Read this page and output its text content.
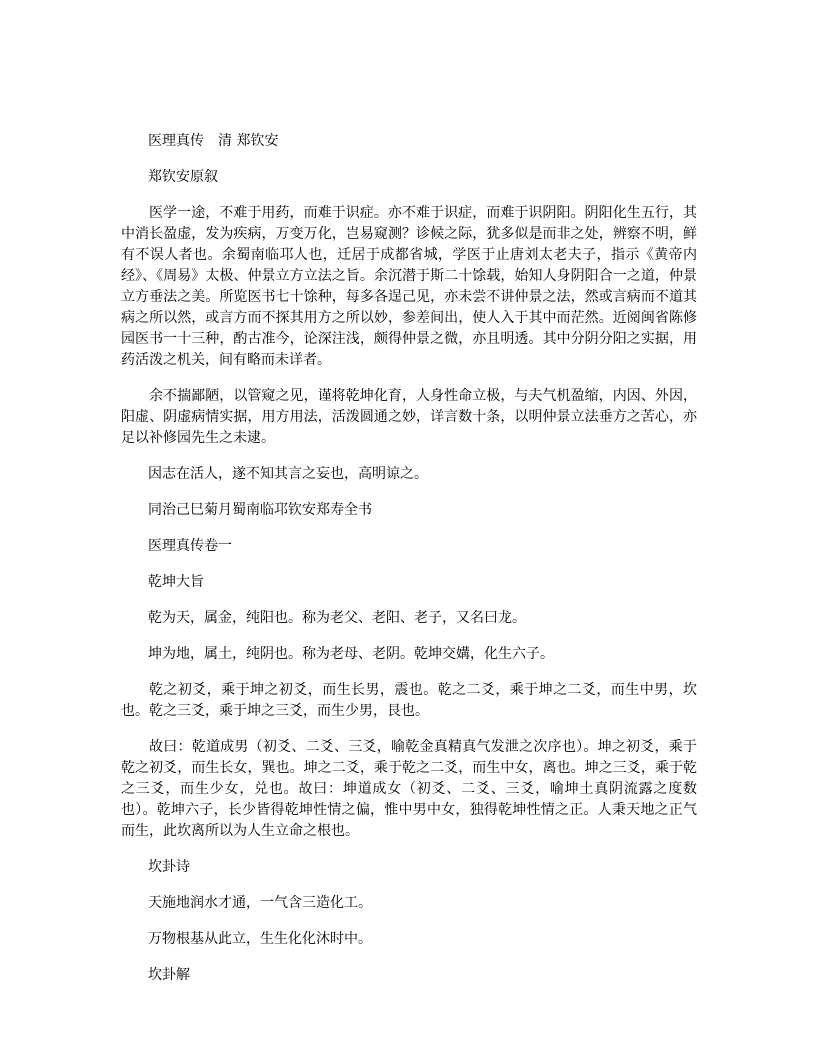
医理真传　清 郑钦安

郑钦安原叙

医学一途，不难于用药，而难于识症。亦不难于识症，而难于识阴阳。阴阳化生五行，其中消长盈虚，发为疾病，万变万化，岂易窥测？诊候之际，犹多似是而非之处，辨察不明，鲜有不误人者也。余蜀南临邛人也，迁居于成都省城，学医于止唐刘太老夫子，指示《黄帝内经》、《周易》太极、仲景立方立法之旨。余沉潜于斯二十馀载，始知人身阴阳合一之道，仲景立方垂法之美。所览医书七十馀种，每多各逞己见，亦未尝不讲仲景之法，然或言病而不道其病之所以然，或言方而不探其用方之所以妙，参差间出，使人入于其中而茫然。近阅闽省陈修园医书一十三种，酌古准今，论深注浅，颇得仲景之微，亦且明透。其中分阴分阳之实据，用药活泼之机关，间有略而未详者。

余不揣鄙陋，以管窥之见，谨将乾坤化育，人身性命立极，与夫气机盈缩，内因、外因，阳虚、阴虚病情实据，用方用法，活泼圆通之妙，详言数十条，以明仲景立法垂方之苦心，亦足以补修园先生之未逮。

因志在活人，遂不知其言之妄也，高明谅之。

同治己巳菊月蜀南临邛钦安郑寿全书

医理真传卷一

乾坤大旨

乾为天，属金，纯阳也。称为老父、老阳、老子，又名曰龙。

坤为地，属土，纯阴也。称为老母、老阴。乾坤交媾，化生六子。

乾之初爻，乘于坤之初爻，而生长男，震也。乾之二爻，乘于坤之二爻，而生中男，坎也。乾之三爻，乘于坤之三爻，而生少男，艮也。

故曰：乾道成男（初爻、二爻、三爻，喻乾金真精真气发泄之次序也）。坤之初爻，乘于乾之初爻，而生长女，巽也。坤之二爻，乘于乾之二爻，而生中女，离也。坤之三爻，乘于乾之三爻，而生少女，兑也。故曰：坤道成女（初爻、二爻、三爻，喻坤土真阴流露之度数也）。乾坤六子，长少皆得乾坤性情之偏，惟中男中女，独得乾坤性情之正。人秉天地之正气而生，此坎离所以为人生立命之根也。

坎卦诗

天施地润水才通，一气含三造化工。

万物根基从此立，生生化化沐时中。

坎卦解
